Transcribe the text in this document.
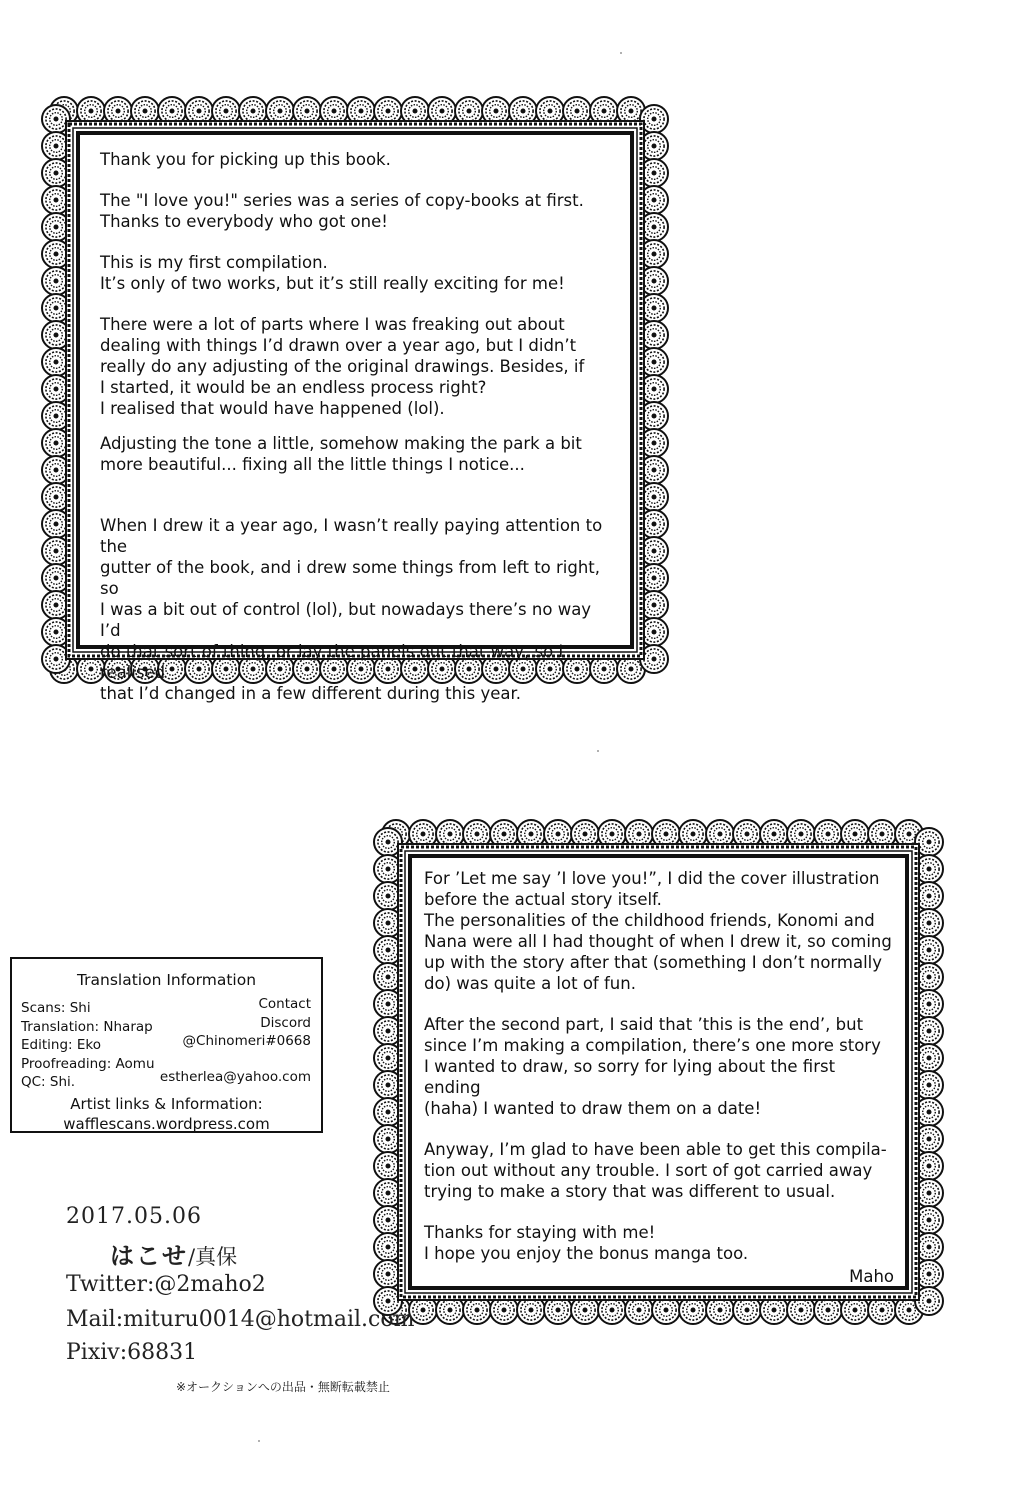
Thank you for picking up this book.

The "I love you!" series was a series of copy-books at first.

Thanks to everybody who got one!

This is my first compilation.

It’s only of two works, but it’s still really exciting for me!

There were a lot of parts where I was freaking out about

dealing with things I’d drawn over a year ago, but I didn’t

really do any adjusting of the original drawings. Besides, if

I started, it would be an endless process right?

I realised that would have happened (lol).

Adjusting the tone a little, somehow making the park a bit

more beautiful... fixing all the little things I notice...

When I drew it a year ago, I wasn’t really paying attention to the

gutter of the book, and i drew some things from left to right, so

I was a bit out of control (lol), but nowadays there’s no way I’d

do that sort of thing, or lay the panels out that way, so I realised

that I’d changed in a few different during this year.

For ’Let me say ’I love you!”, I did the cover illustration

before the actual story itself.

The personalities of the childhood friends, Konomi and

Nana were all I had thought of when I drew it, so coming

up with the story after that (something I don’t normally

do) was quite a lot of fun.

After the second part, I said that ’this is the end’, but

since I’m making a compilation, there’s one more story

I wanted to draw, so sorry for lying about the first ending

(haha) I wanted to draw them on a date!

Anyway, I’m glad to have been able to get this compila-

tion out without any trouble. I sort of got carried away

trying to make a story that was different to usual.

Thanks for staying with me!

I hope you enjoy the bonus manga too.

Maho

Translation Information
Scans: Shi
Translation: Nharap
Editing: Eko
Proofreading: Aomu
QC: Shi.
Contact
Discord
@Chinomeri#0668
estherlea@yahoo.com
Artist links & Information:
wafflescans.wordpress.com
2017.05.06
はこせ/真保
Twitter:@2maho2
Mail:mituru0014@hotmail.com
Pixiv:68831
※オークションへの出品・無断転載禁止
